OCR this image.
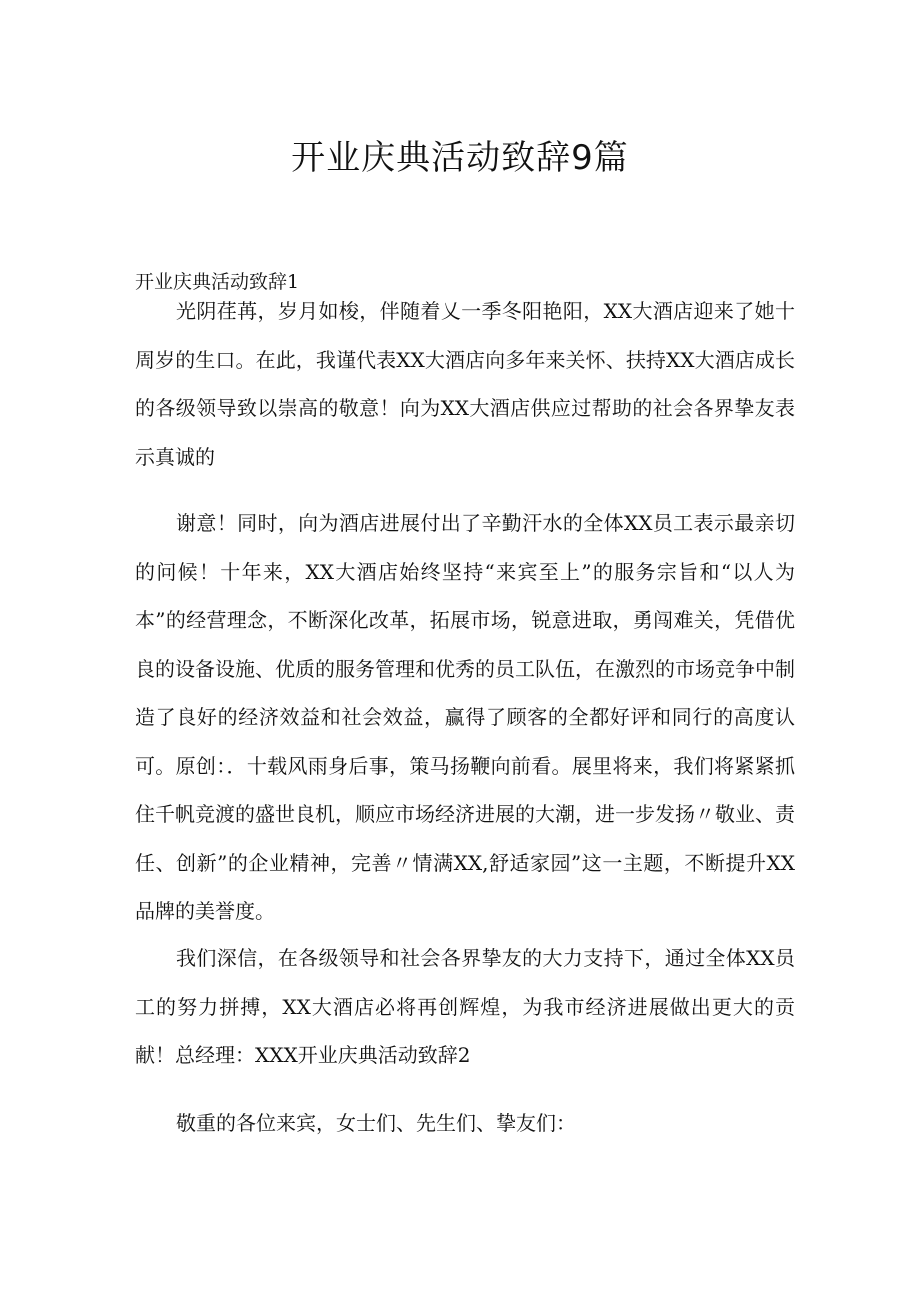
开业庆典活动致辞9篇
开业庆典活动致辞1

光阴荏苒，岁月如梭，伴随着乂一季冬阳艳阳，XX大酒店迎来了她十周岁的生口。在此，我谨代表XX大酒店向多年来关怀、扶持XX大酒店成长的各级领导致以崇高的敬意！向为XX大酒店供应过帮助的社会各界挚友表示真诚的

谢意！同时，向为酒店进展付出了辛勤汗水的全体XX员工表示最亲切的问候！十年来，XX大酒店始终坚持“来宾至上”的服务宗旨和“以人为本”的经营理念，不断深化改革，拓展市场，锐意进取，勇闯难关，凭借优良的设备设施、优质的服务管理和优秀的员工队伍，在激烈的市场竞争中制造了良好的经济效益和社会效益，赢得了顾客的全都好评和同行的高度认可。原创：．十载风雨身后事，策马扬鞭向前看。展里将来，我们将紧紧抓住千帆竞渡的盛世良机，顺应市场经济进展的大潮，进一步发扬〃敬业、责任、创新”的企业精神，完善〃情满XX,舒适家园”这一主题，不断提升XX品牌的美誉度。

我们深信，在各级领导和社会各界挚友的大力支持下，通过全体XX员工的努力拼搏，XX大酒店必将再创辉煌，为我市经济进展做出更大的贡献！总经理：XXX开业庆典活动致辞2

敬重的各位来宾，女士们、先生们、挚友们：
